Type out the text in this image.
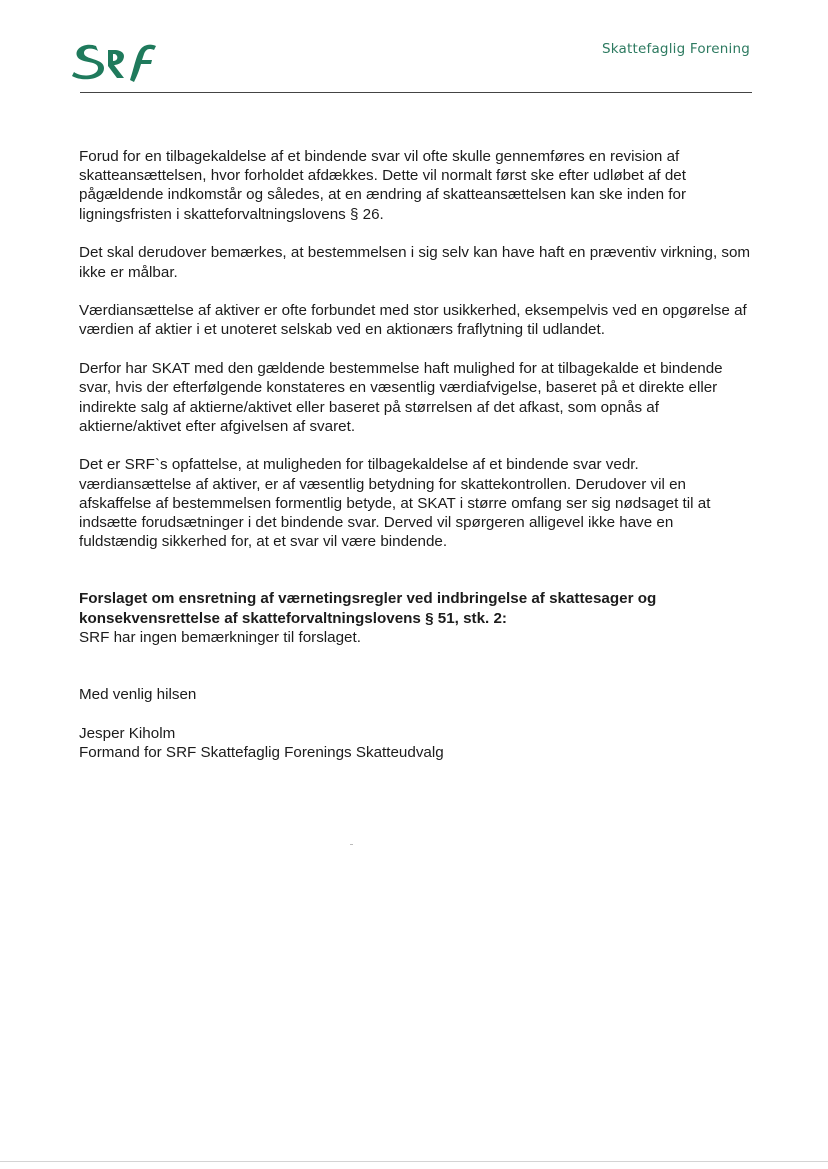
Skattefaglig Forening

Forud for en tilbagekaldelse af et bindende svar vil ofte skulle gennemføres en revision af skatteansættelsen, hvor forholdet afdækkes. Dette vil normalt først ske efter udløbet af det pågældende indkomstår og således, at en ændring af skatteansættelsen kan ske inden for ligningsfristen i skatteforvaltningslovens § 26.

Det skal derudover bemærkes, at bestemmelsen i sig selv kan have haft en præventiv virkning, som ikke er målbar.

Værdiansættelse af aktiver er ofte forbundet med stor usikkerhed, eksempelvis ved en opgørelse af værdien af aktier i et unoteret selskab ved en aktionærs fraflytning til udlandet.

Derfor har SKAT med den gældende bestemmelse haft mulighed for at tilbagekalde et bindende svar, hvis der efterfølgende konstateres en væsentlig værdiafvigelse, baseret på et direkte eller indirekte salg af aktierne/aktivet eller baseret på størrelsen af det afkast, som opnås af aktierne/aktivet efter afgivelsen af svaret.

Det er SRF`s opfattelse, at muligheden for tilbagekaldelse af et bindende svar vedr. værdiansættelse af aktiver, er af væsentlig betydning for skattekontrollen. Derudover vil en afskaffelse af bestemmelsen formentlig betyde, at SKAT i større omfang ser sig nødsaget til at indsætte forudsætninger i det bindende svar. Derved vil spørgeren alligevel ikke have en fuldstændig sikkerhed for, at et svar vil være bindende.

Forslaget om ensretning af værnetingsregler ved indbringelse af skattesager og konsekvensrettelse af skatteforvaltningslovens § 51, stk. 2:
SRF har ingen bemærkninger til forslaget.

Med venlig hilsen

Jesper Kiholm
Formand for SRF Skattefaglig Forenings Skatteudvalg
